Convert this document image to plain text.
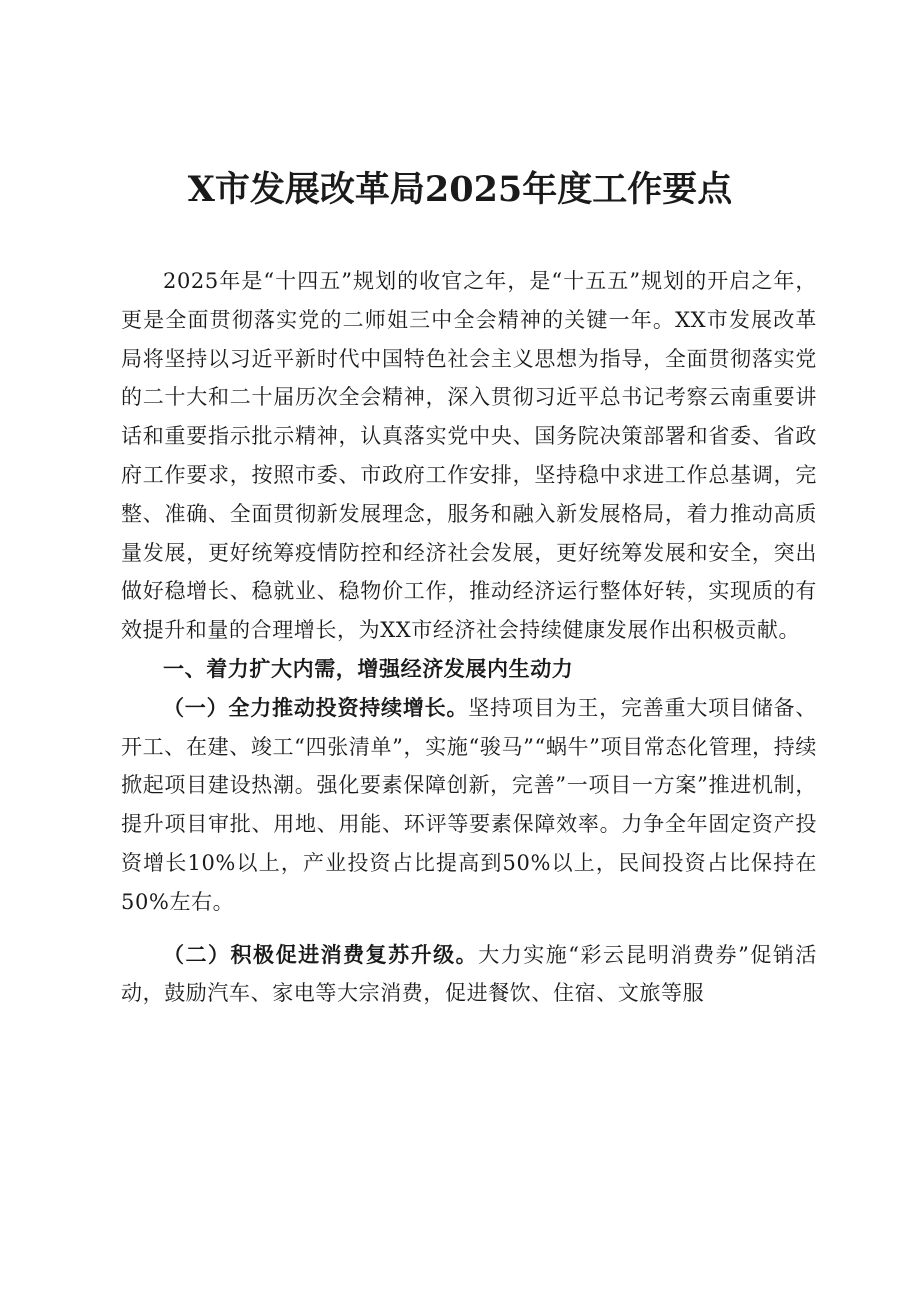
X市发展改革局2025年度工作要点

2025年是“十四五”规划的收官之年，是“十五五”规划的开启之年，更是全面贯彻落实党的二师姐三中全会精神的关键一年。XX市发展改革局将坚持以习近平新时代中国特色社会主义思想为指导，全面贯彻落实党的二十大和二十届历次全会精神，深入贯彻习近平总书记考察云南重要讲话和重要指示批示精神，认真落实党中央、国务院决策部署和省委、省政府工作要求，按照市委、市政府工作安排，坚持稳中求进工作总基调，完整、准确、全面贯彻新发展理念，服务和融入新发展格局，着力推动高质量发展，更好统筹疫情防控和经济社会发展，更好统筹发展和安全，突出做好稳增长、稳就业、稳物价工作，推动经济运行整体好转，实现质的有效提升和量的合理增长，为XX市经济社会持续健康发展作出积极贡献。

一、着力扩大内需，增强经济发展内生动力

（一）全力推动投资持续增长。坚持项目为王，完善重大项目储备、开工、在建、竣工“四张清单”，实施“骏马”“蜗牛”项目常态化管理，持续掀起项目建设热潮。强化要素保障创新，完善”一项目一方案”推进机制，提升项目审批、用地、用能、环评等要素保障效率。力争全年固定资产投资增长10%以上，产业投资占比提高到50%以上，民间投资占比保持在50%左右。

（二）积极促进消费复苏升级。大力实施“彩云昆明消费券”促销活动，鼓励汽车、家电等大宗消费，促进餐饮、住宿、文旅等服
